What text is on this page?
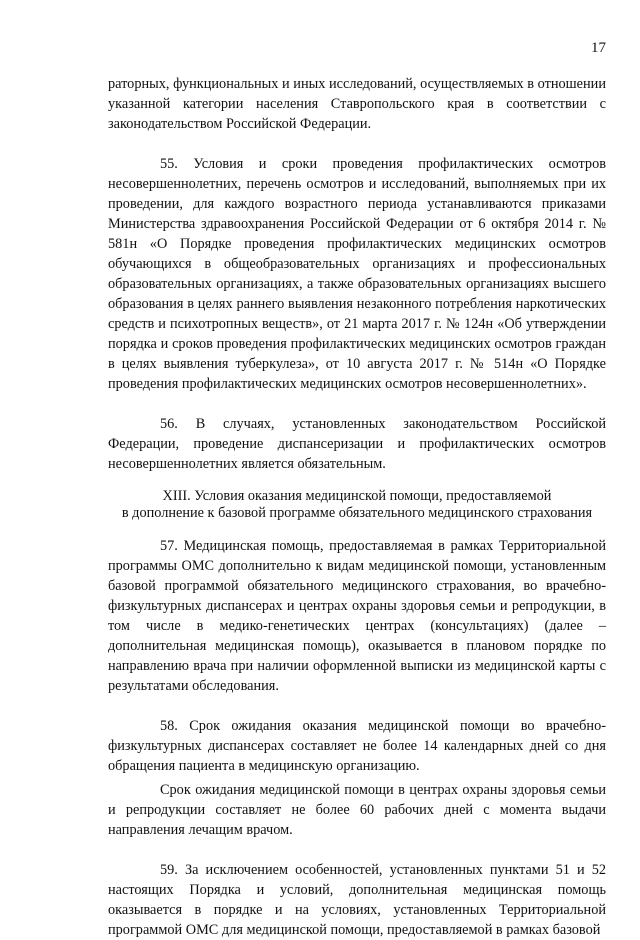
17

раторных, функциональных и иных исследований, осуществляемых в отношении указанной категории населения Ставропольского края в соответствии с законодательством Российской Федерации.

55. Условия и сроки проведения профилактических осмотров несовершеннолетних, перечень осмотров и исследований, выполняемых при их проведении, для каждого возрастного периода устанавливаются приказами Министерства здравоохранения Российской Федерации от 6 октября 2014 г. № 581н «О Порядке проведения профилактических медицинских осмотров обучающихся в общеобразовательных организациях и профессиональных образовательных организациях, а также образовательных организациях высшего образования в целях раннего выявления незаконного потребления наркотических средств и психотропных веществ», от 21 марта 2017 г. № 124н «Об утверждении порядка и сроков проведения профилактических медицинских осмотров граждан в целях выявления туберкулеза», от 10 августа 2017 г. № 514н «О Порядке проведения профилактических медицинских осмотров несовершеннолетних».

56. В случаях, установленных законодательством Российской Федерации, проведение диспансеризации и профилактических осмотров несовершеннолетних является обязательным.

XIII. Условия оказания медицинской помощи, предоставляемой
в дополнение к базовой программе обязательного медицинского страхования

57. Медицинская помощь, предоставляемая в рамках Территориальной программы ОМС дополнительно к видам медицинской помощи, установленным базовой программой обязательного медицинского страхования, во врачебно-физкультурных диспансерах и центрах охраны здоровья семьи и репродукции, в том числе в медико-генетических центрах (консультациях) (далее – дополнительная медицинская помощь), оказывается в плановом порядке по направлению врача при наличии оформленной выписки из медицинской карты с результатами обследования.

58. Срок ожидания оказания медицинской помощи во врачебно-физкультурных диспансерах составляет не более 14 календарных дней со дня обращения пациента в медицинскую организацию.

Срок ожидания медицинской помощи в центрах охраны здоровья семьи и репродукции составляет не более 60 рабочих дней с момента выдачи направления лечащим врачом.

59. За исключением особенностей, установленных пунктами 51 и 52 настоящих Порядка и условий, дополнительная медицинская помощь оказывается в порядке и на условиях, установленных Территориальной программой ОМС для медицинской помощи, предоставляемой в рамках базовой
